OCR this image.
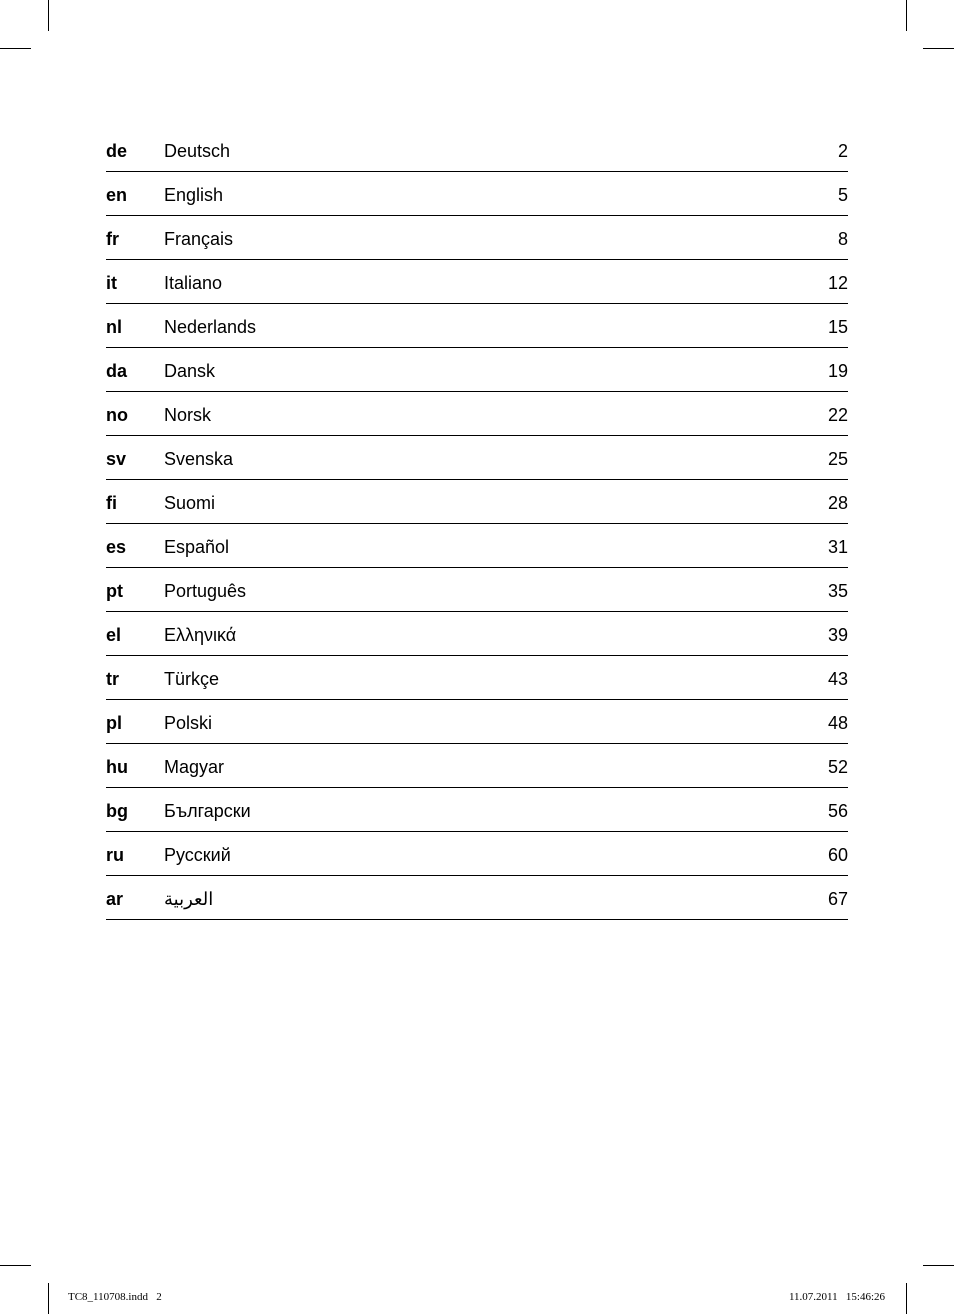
de Deutsch	2
en English	5
fr	Français	8
it	Italiano	12
nl Nederlands	15
da Dansk	19
no Norsk	22
sv Svenska	25
fi	Suomi	28
es Español	31
pt Português	35
el Ελληνικά	39
tr	Türkçe	43
pl Polski	48
hu Magyar	52
bg Български	56
ru Русский	60
ar العربية	67
TC8_110708.indd   2	11.07.2011   15:46:26
